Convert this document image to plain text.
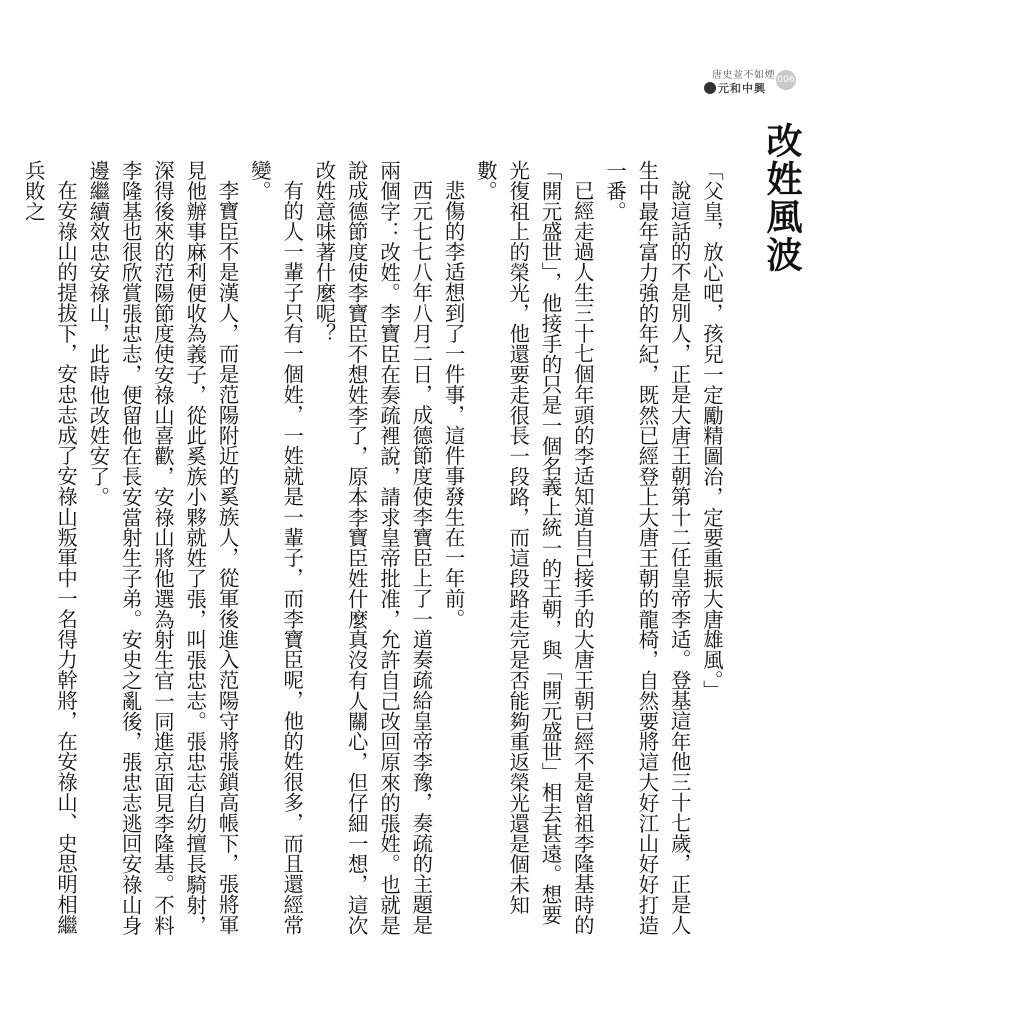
唐史並不如煙
元和中興
006
改姓風波

「父皇，放心吧，孩兒一定勵精圖治，定要重振大唐雄風。」

說這話的不是別人，正是大唐王朝第十二任皇帝李适。登基這年他三十七歲，正是人生中最年富力強的年紀，既然已經登上大唐王朝的龍椅，自然要將這大好江山好好打造一番。

已經走過人生三十七個年頭的李适知道自己接手的大唐王朝已經不是曾祖李隆基時的「開元盛世」，他接手的只是一個名義上統一的王朝，與「開元盛世」相去甚遠。想要光復祖上的榮光，他還要走很長一段路，而這段路走完是否能夠重返榮光還是個未知數。

悲傷的李适想到了一件事，這件事發生在一年前。

西元七七八年八月二日，成德節度使李寶臣上了一道奏疏給皇帝李豫，奏疏的主題是兩個字：改姓。李寶臣在奏疏裡說，請求皇帝批准，允許自己改回原來的張姓。也就是說成德節度使李寶臣不想姓李了，原本李寶臣姓什麼真沒有人關心，但仔細一想，這次改姓意味著什麼呢？

有的人一輩子只有一個姓，一姓就是一輩子，而李寶臣呢，他的姓很多，而且還經常變。

李寶臣不是漢人，而是范陽附近的奚族人，從軍後進入范陽守將張鎖高帳下，張將軍見他辦事麻利便收為義子，從此奚族小夥就姓了張，叫張忠志。張忠志自幼擅長騎射，深得後來的范陽節度使安祿山喜歡，安祿山將他選為射生官一同進京面見李隆基。不料李隆基也很欣賞張忠志，便留他在長安當射生子弟。安史之亂後，張忠志逃回安祿山身邊繼續效忠安祿山，此時他改姓安了。

在安祿山的提拔下，安忠志成了安祿山叛軍中一名得力幹將，在安祿山、史思明相繼兵敗之
